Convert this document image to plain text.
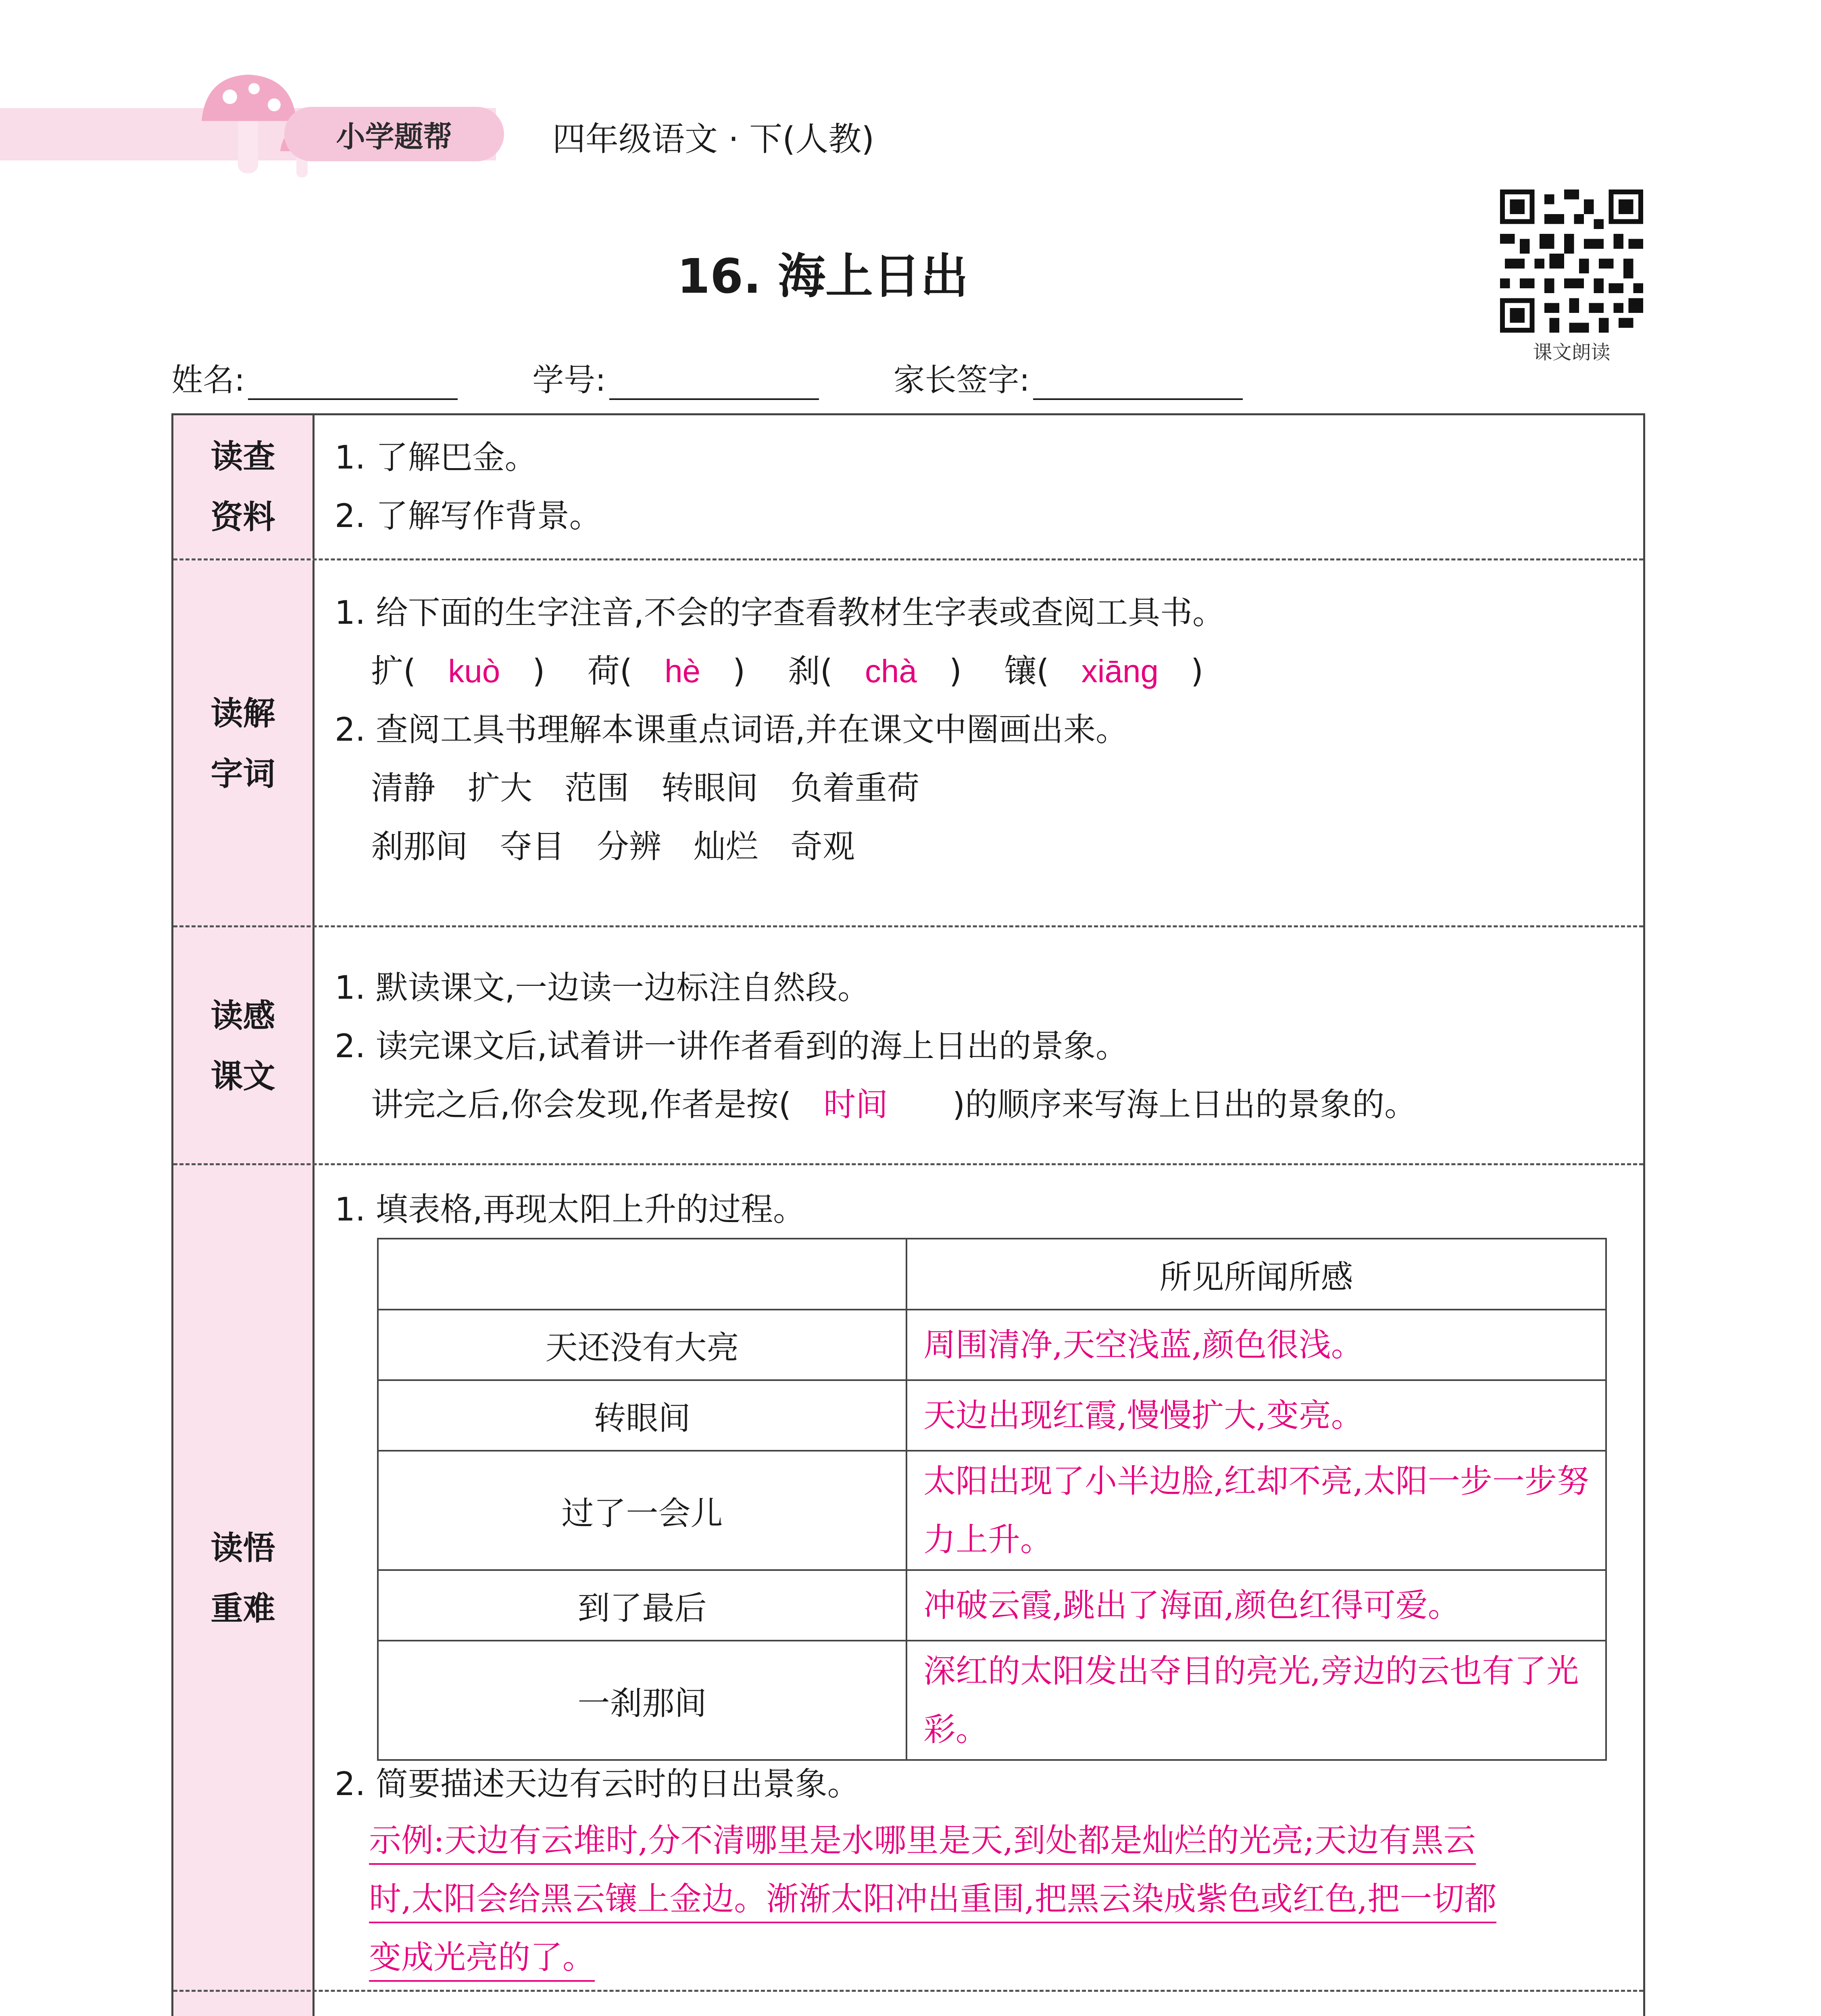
小学题帮	四年级语文 · 下(人教)
16. 海上日出
课文朗读
姓名:	学号:	家长签字:
读查
资料
1. 了解巴金。
2. 了解写作背景。
读解
字词
1. 给下面的生字注音,不会的字查看教材生字表或查阅工具书。
扩(　kuò　)　 荷(　hè　)　 刹(　chà　)　 镶(　xiāng　)
2. 查阅工具书理解本课重点词语,并在课文中圈画出来。
清静　扩大　范围　转眼间　负着重荷
刹那间　夺目　分辨　灿烂　奇观
读感
课文
1. 默读课文,一边读一边标注自然段。
2. 读完课文后,试着讲一讲作者看到的海上日出的景象。
讲完之后,你会发现,作者是按(　 时间　　 )的顺序来写海上日出的景象的。
读悟
重难
1. 填表格,再现太阳上升的过程。
	所见所闻所感
天还没有大亮	周围清净,天空浅蓝,颜色很浅。
转眼间	天边出现红霞,慢慢扩大,变亮。
过了一会儿	太阳出现了小半边脸,红却不亮,太阳一步一步努力上升。
到了最后	冲破云霞,跳出了海面,颜色红得可爱。
一刹那间	深红的太阳发出夺目的亮光,旁边的云也有了光彩。
2. 简要描述天边有云时的日出景象。
示例:天边有云堆时,分不清哪里是水哪里是天,到处都是灿烂的光亮;天边有黑云
时,太阳会给黑云镶上金边。渐渐太阳冲出重围,把黑云染成紫色或红色,把一切都
变成光亮的了。
